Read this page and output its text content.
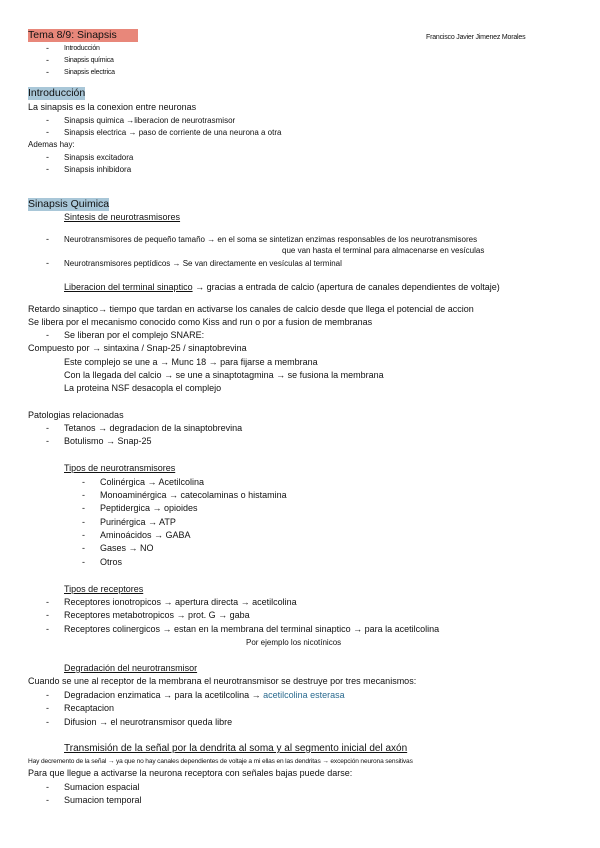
Tema 8/9: Sinapsis	Francisco Javier Jimenez Morales
- Introducción
- Sinapsis química
- Sinapsis electrica
Introducción
La sinapsis es la conexion entre neuronas
- Sinapsis quimica →liberacion de neurotrasmisor
- Sinapsis electrica → paso de corriente de una neurona a otra
Ademas hay:
- Sinapsis excitadora
- Sinapsis inhibidora
Sinapsis Quimica
Sintesis de neurotrasmisores
- Neurotransmisores de pequeño tamaño → en el soma se sintetizan enzimas responsables de los neurotransmisores
que van hasta el terminal para almacenarse en vesículas
- Neurotransmisores peptídicos → Se van directamente en vesículas al terminal
Liberacion del terminal sinaptico → gracias a entrada de calcio (apertura de canales dependientes de voltaje)
Retardo sinaptico→ tiempo que tardan en activarse los canales de calcio desde que llega el potencial de accion
Se libera por el mecanismo conocido como Kiss and run o por a fusion de membranas
- Se liberan por el complejo SNARE:
Compuesto por → sintaxina / Snap-25 / sinaptobrevina
Este complejo se une a → Munc 18 → para fijarse a membrana
Con la llegada del calcio → se une a sinaptotagmina → se fusiona la membrana
La proteina NSF desacopla el complejo
Patologias relacionadas
- Tetanos → degradacion de la sinaptobrevina
- Botulismo → Snap-25
Tipos de neurotransmisores
- Colinérgica → Acetilcolina
- Monoaminérgica → catecolaminas o histamina
- Peptidergica → opioides
- Purinérgica → ATP
- Aminoácidos → GABA
- Gases → NO
- Otros
Tipos de receptores
- Receptores ionotropicos → apertura directa → acetilcolina
- Receptores metabotropicos → prot. G → gaba
- Receptores colinergicos → estan en la membrana del terminal sinaptico → para la acetilcolina
Por ejemplo los nicotínicos
Degradación del neurotransmisor
Cuando se une al receptor de la membrana el neurotransmisor se destruye por tres mecanismos:
- Degradacion enzimatica → para la acetilcolina → acetilcolina esterasa
- Recaptacion
- Difusion → el neurotransmisor queda libre
Transmisión de la señal por la dendrita al soma y al segmento inicial del axón
Hay decremento de la señal → ya que no hay canales dependientes de voltaje a mi ellas en las dendritas → excepción neurona sensitivas
Para que llegue a activarse la neurona receptora con señales bajas puede darse:
- Sumacion espacial
- Sumacion temporal
